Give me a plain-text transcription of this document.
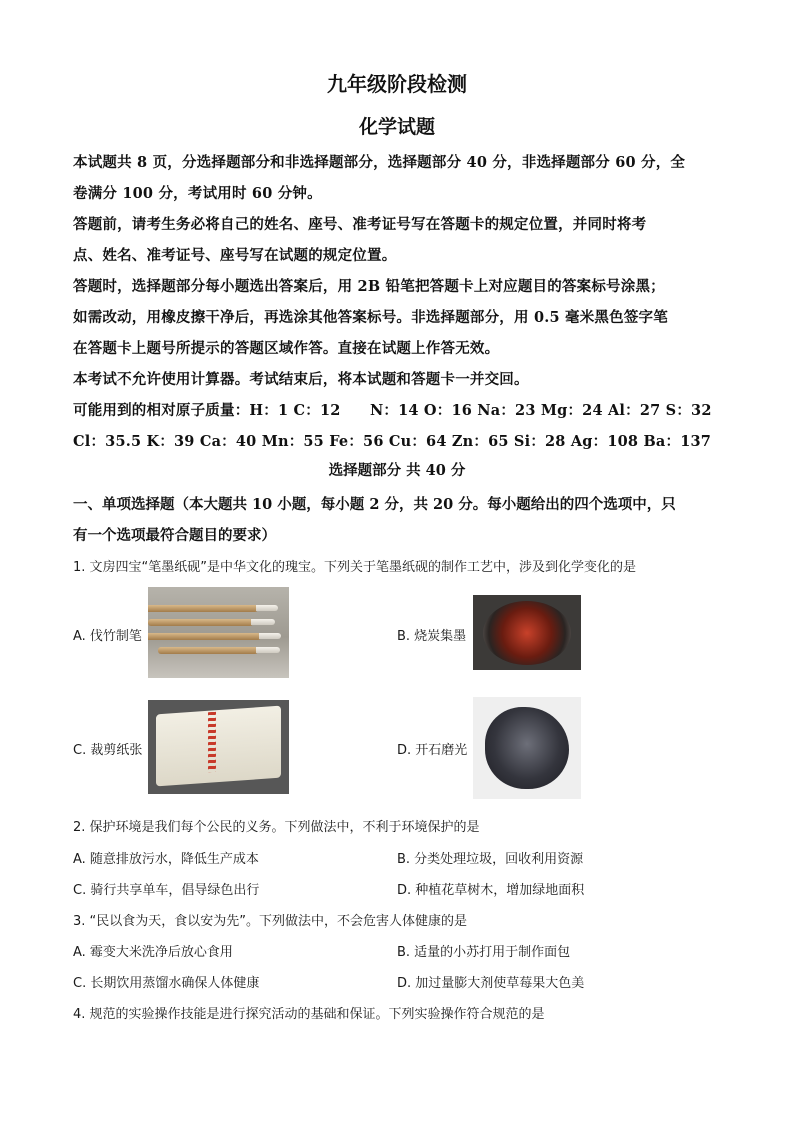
九年级阶段检测
化学试题

本试题共 8 页，分选择题部分和非选择题部分，选择题部分 40 分，非选择题部分 60 分，全

卷满分 100 分，考试用时 60 分钟。

答题前，请考生务必将自己的姓名、座号、准考证号写在答题卡的规定位置，并同时将考

点、姓名、准考证号、座号写在试题的规定位置。

答题时，选择题部分每小题选出答案后，用 2B 铅笔把答题卡上对应题目的答案标号涂黑；

如需改动，用橡皮擦干净后，再选涂其他答案标号。非选择题部分，用 0.5 毫米黑色签字笔

在答题卡上题号所提示的答题区域作答。直接在试题上作答无效。

本考试不允许使用计算器。考试结束后，将本试题和答题卡一并交回。

可能用到的相对原子质量：H：1 C：12　　N：14 O：16 Na：23 Mg：24 Al：27 S：32

Cl：35.5 K：39 Ca：40 Mn：55 Fe：56 Cu：64 Zn：65 Si：28 Ag：108 Ba：137

选择题部分 共 40 分
一、单项选择题（本大题共 10 小题，每小题 2 分，共 20 分。每小题给出的四个选项中，只
有一个选项最符合题目的要求）
1. 文房四宝“笔墨纸砚”是中华文化的瑰宝。下列关于笔墨纸砚的制作工艺中，涉及到化学变化的是
A. 伐竹制笔	B. 烧炭集墨
C. 裁剪纸张	D. 开石磨光
2. 保护环境是我们每个公民的义务。下列做法中，不利于环境保护的是
A. 随意排放污水，降低生产成本	B. 分类处理垃圾，回收利用资源
C. 骑行共享单车，倡导绿色出行	D. 种植花草树木，增加绿地面积
3. “民以食为天，食以安为先”。下列做法中，不会危害人体健康的是
A. 霉变大米洗净后放心食用	B. 适量的小苏打用于制作面包
C. 长期饮用蒸馏水确保人体健康	D. 加过量膨大剂使草莓果大色美
4. 规范的实验操作技能是进行探究活动的基础和保证。下列实验操作符合规范的是
